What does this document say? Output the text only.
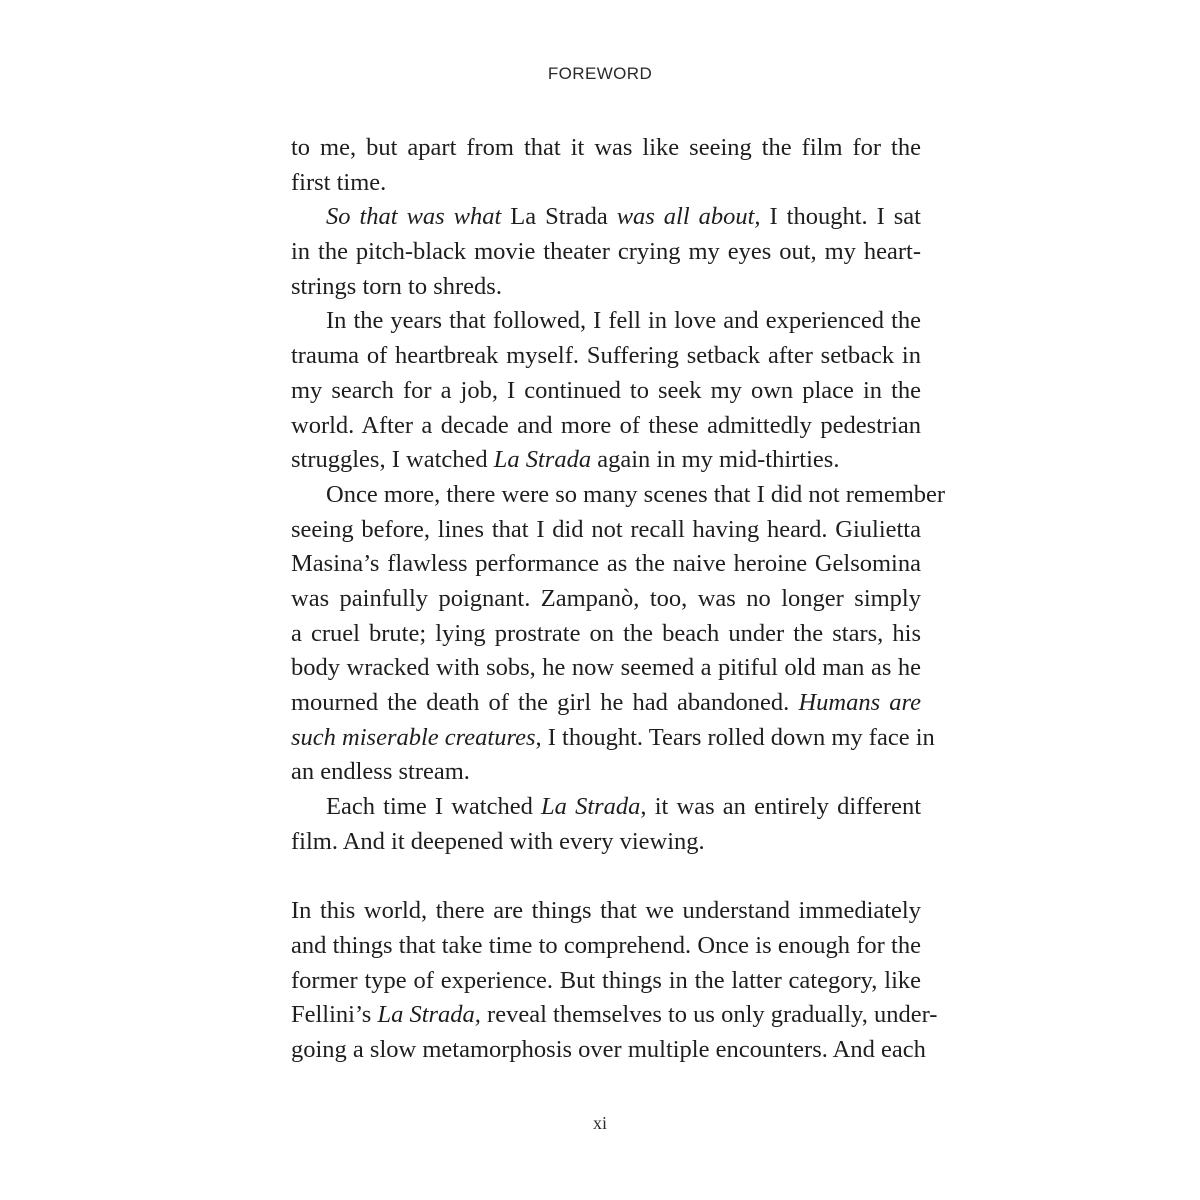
FOREWORD
to me, but apart from that it was like seeing the film for the
first time.
So that was what La Strada was all about, I thought. I sat
in the pitch-black movie theater crying my eyes out, my heart-
strings torn to shreds.
In the years that followed, I fell in love and experienced the
trauma of heartbreak myself. Suffering setback after setback in
my search for a job, I continued to seek my own place in the
world. After a decade and more of these admittedly pedestrian
struggles, I watched La Strada again in my mid-thirties.
Once more, there were so many scenes that I did not remember
seeing before, lines that I did not recall having heard. Giulietta
Masina’s flawless performance as the naive heroine Gelsomina
was painfully poignant. Zampanò, too, was no longer simply
a cruel brute; lying prostrate on the beach under the stars, his
body wracked with sobs, he now seemed a pitiful old man as he
mourned the death of the girl he had abandoned. Humans are
such miserable creatures, I thought. Tears rolled down my face in
an endless stream.
Each time I watched La Strada, it was an entirely different
film. And it deepened with every viewing.
In this world, there are things that we understand immediately
and things that take time to comprehend. Once is enough for the
former type of experience. But things in the latter category, like
Fellini’s La Strada, reveal themselves to us only gradually, under-
going a slow metamorphosis over multiple encounters. And each
xi
